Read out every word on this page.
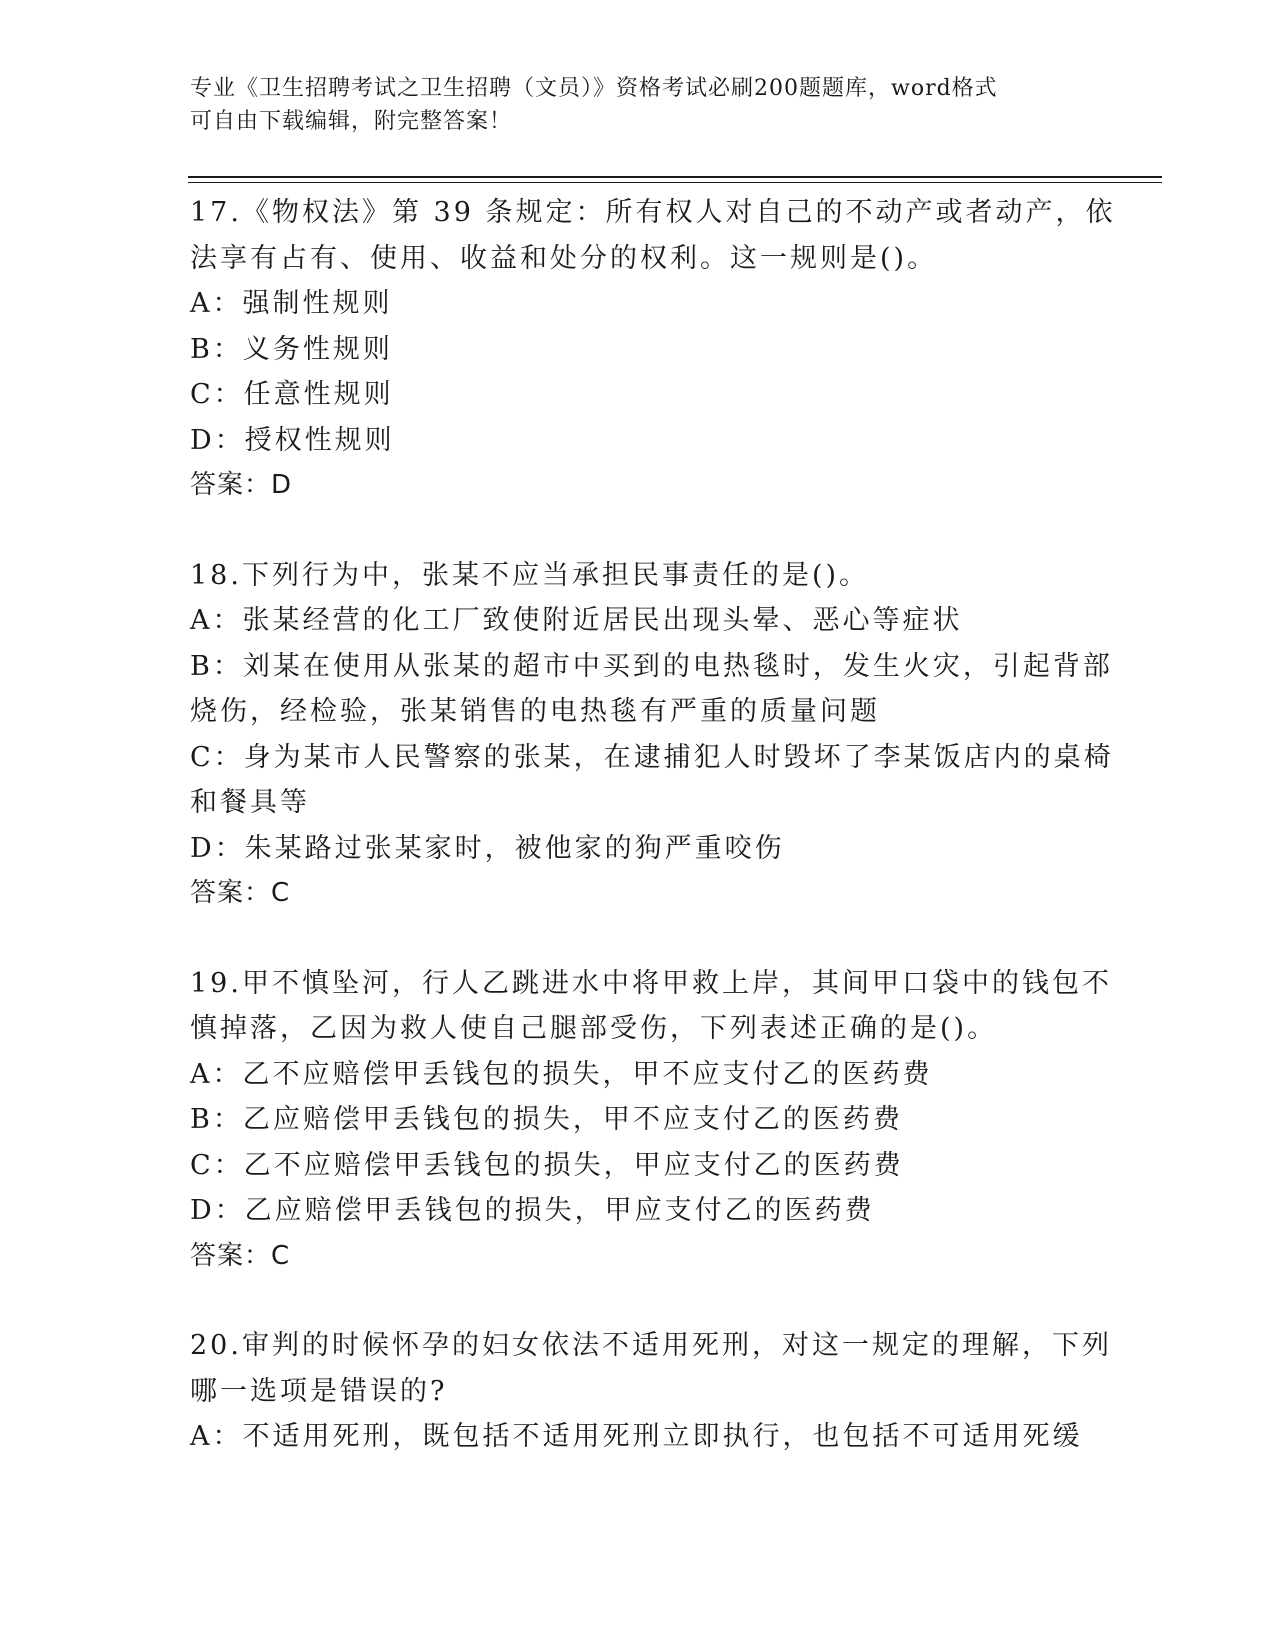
专业《卫生招聘考试之卫生招聘（文员）》资格考试必刷200题题库，word格式
可自由下载编辑，附完整答案！
17.《物权法》第 39 条规定：所有权人对自己的不动产或者动产，依
法享有占有、使用、收益和处分的权利。这一规则是()。
A：强制性规则
B：义务性规则
C：任意性规则
D：授权性规则
答案：D
18.下列行为中，张某不应当承担民事责任的是()。
A：张某经营的化工厂致使附近居民出现头晕、恶心等症状
B：刘某在使用从张某的超市中买到的电热毯时，发生火灾，引起背部
烧伤，经检验，张某销售的电热毯有严重的质量问题
C：身为某市人民警察的张某，在逮捕犯人时毁坏了李某饭店内的桌椅
和餐具等
D：朱某路过张某家时，被他家的狗严重咬伤
答案：C
19.甲不慎坠河，行人乙跳进水中将甲救上岸，其间甲口袋中的钱包不
慎掉落，乙因为救人使自己腿部受伤，下列表述正确的是()。
A：乙不应赔偿甲丢钱包的损失，甲不应支付乙的医药费
B：乙应赔偿甲丢钱包的损失，甲不应支付乙的医药费
C：乙不应赔偿甲丢钱包的损失，甲应支付乙的医药费
D：乙应赔偿甲丢钱包的损失，甲应支付乙的医药费
答案：C
20.审判的时候怀孕的妇女依法不适用死刑，对这一规定的理解，下列
哪一选项是错误的?
A：不适用死刑，既包括不适用死刑立即执行，也包括不可适用死缓
